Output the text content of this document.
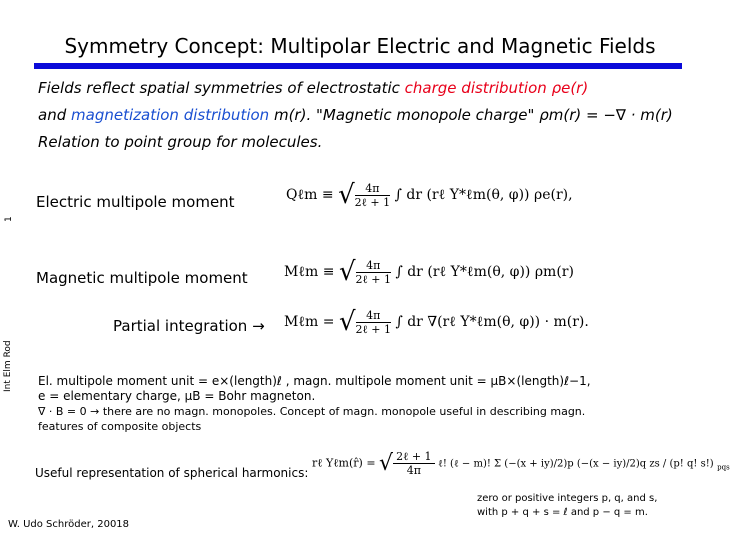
Symmetry Concept: Multipolar Electric and Magnetic Fields
Fields reflect spatial symmetries of electrostatic charge distribution ρe(r)
and magnetization distribution m(r). "Magnetic monopole charge" ρm(r) = −∇ · m(r)
Relation to point group for molecules.
1
Int Elm Rod
Electric multipole moment	Qℓm ≡ √ $\frac{4\pi}{\text{2ℓ + 1}}$ ∫ dr (rℓ Y*ℓm(θ, φ)) ρe(r),
Magnetic multipole moment	Mℓm ≡ √ $\frac{4\pi}{\text{2ℓ + 1}}$ ∫ dr (rℓ Y*ℓm(θ, φ)) ρm(r)
Partial integration → Mℓm = √ $\frac{4\pi}{\text{2ℓ + 1}}$ ∫ dr ∇(rℓ Y*ℓm(θ, φ)) · m(r).
El. multipole moment unit = e×(length)ℓ , magn. multipole moment unit = μB×(length)ℓ−1,
e = elementary charge, μB = Bohr magneton.
∇ · B = 0 → there are no magn. monopoles. Concept of magn. monopole useful in describing magn.
features of composite objects
Useful representation of spherical harmonics:
rℓ Yℓm(r̂) = √ $\frac{\text{2ℓ + 1}}{4\pi}$ ℓ! (ℓ − m)! Σ (−(x + iy)/2)p (−(x − iy)/2)q zs / (p! q! s!) $_{pqs}$
zero or positive integers p, q, and s,
with p + q + s = ℓ and p − q = m.
W. Udo Schröder, 20018
